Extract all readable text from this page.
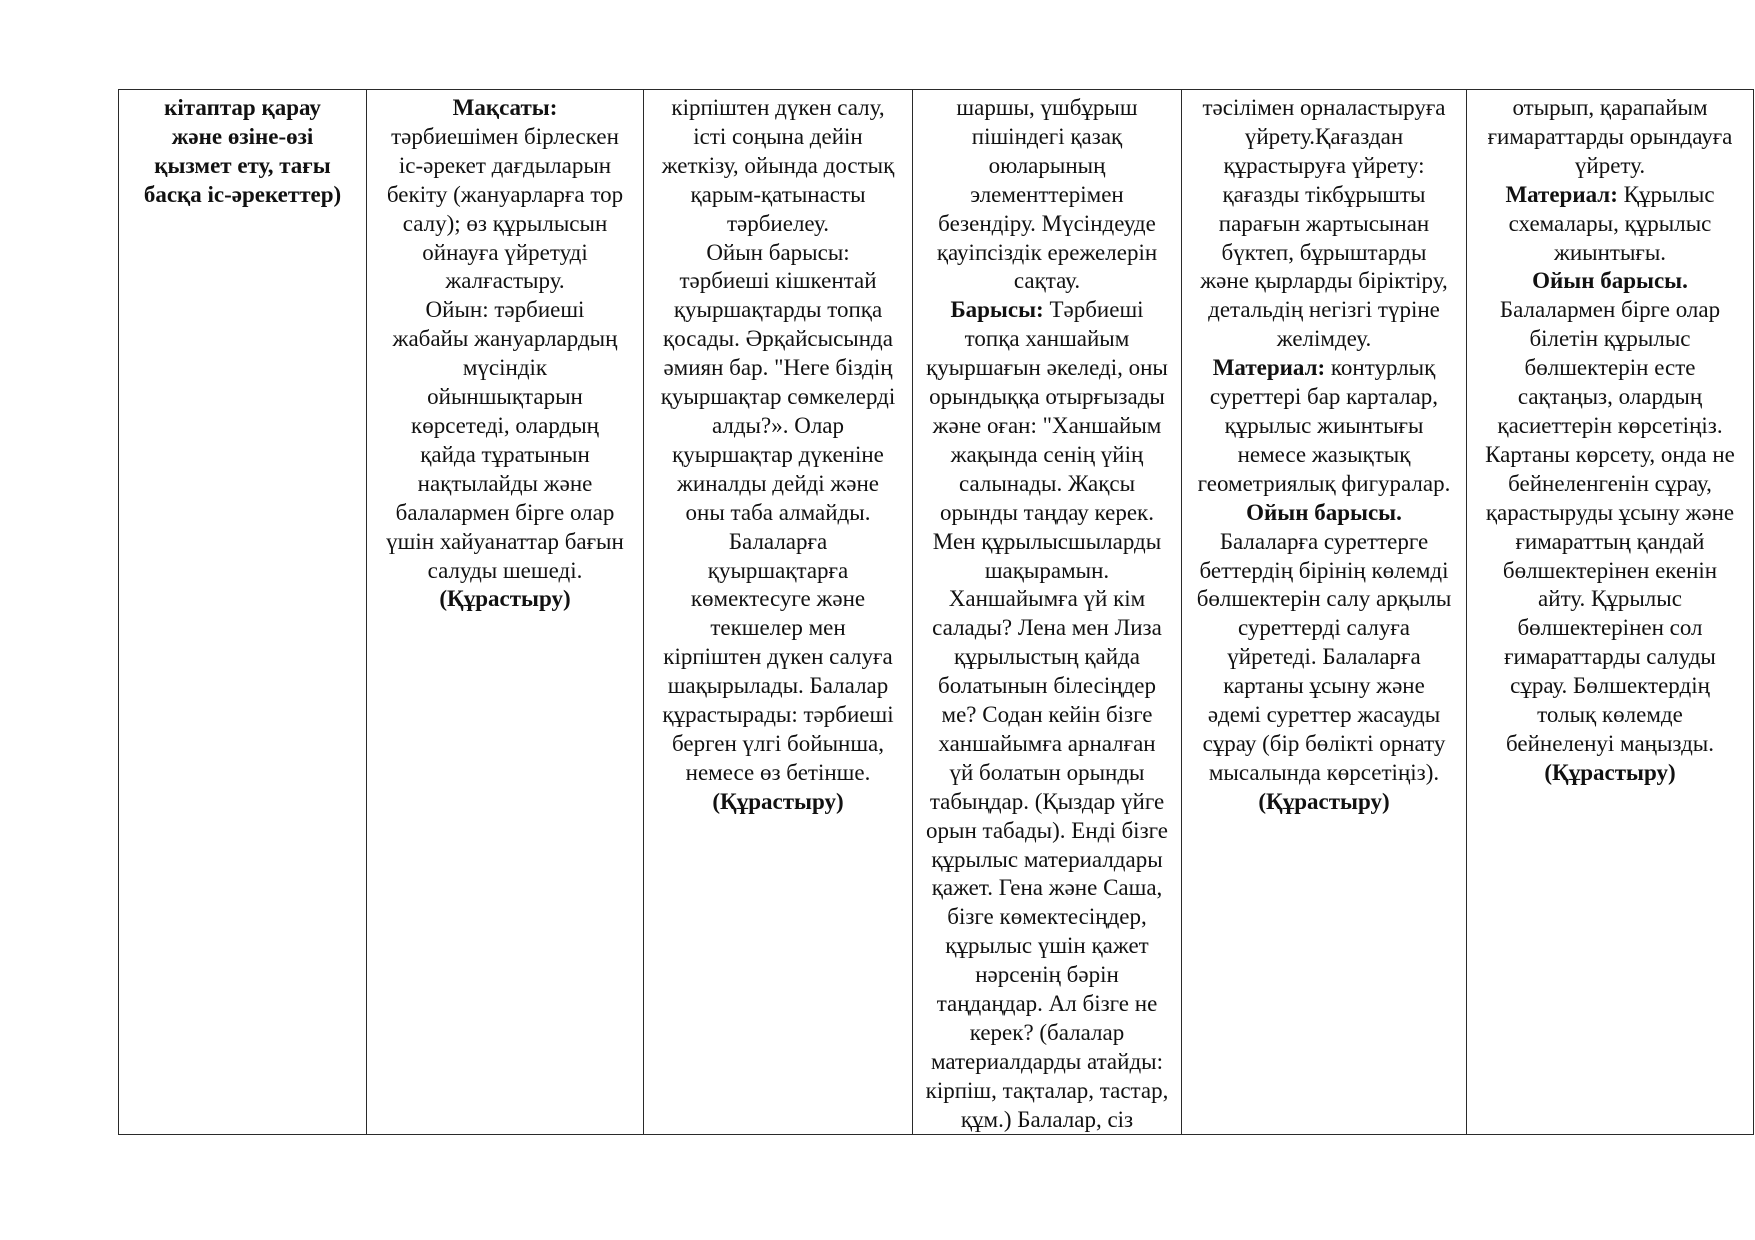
кітаптар қарау
және өзіне-өзі
қызмет ету, тағы
басқа іс-әрекеттер)

Мақсаты:
тәрбиешімен бірлескен
іс-әрекет дағдыларын
бекіту (жануарларға тор
салу); өз құрылысын
ойнауға үйретуді
жалғастыру.
Ойын: тәрбиеші
жабайы жануарлардың
мүсіндік
ойыншықтарын
көрсетеді, олардың
қайда тұратынын
нақтылайды және
балалармен бірге олар
үшін хайуанаттар бағын
салуды шешеді.
(Құрастыру)

кірпіштен дүкен салу,
істі соңына дейін
жеткізу, ойында достық
қарым-қатынасты
тәрбиелеу.
Ойын барысы:
тәрбиеші кішкентай
қуыршақтарды топқа
қосады. Әрқайсысында
әмиян бар. "Неге біздің
қуыршақтар сөмкелерді
алды?». Олар
қуыршақтар дүкеніне
жиналды дейді және
оны таба алмайды.
Балаларға
қуыршақтарға
көмектесуге және
текшелер мен
кірпіштен дүкен салуға
шақырылады. Балалар
құрастырады: тәрбиеші
берген үлгі бойынша,
немесе өз бетінше.
(Құрастыру)

шаршы, үшбұрыш
пішіндегі қазақ
оюларының
элементтерімен
безендіру. Мүсіндеуде
қауіпсіздік ережелерін
сақтау.
Барысы: Тәрбиеші
топқа ханшайым
қуыршағын әкеледі, оны
орындыққа отырғызады
және оған: "Ханшайым
жақында сенің үйің
салынады. Жақсы
орынды таңдау керек.
Мен құрылысшыларды
шақырамын.
Ханшайымға үй кім
салады? Лена мен Лиза
құрылыстың қайда
болатынын білесіңдер
ме? Содан кейін бізге
ханшайымға арналған
үй болатын орынды
табыңдар. (Қыздар үйге
орын табады). Енді бізге
құрылыс материалдары
қажет. Гена және Саша,
бізге көмектесіңдер,
құрылыс үшін қажет
нәрсенің бәрін
таңдаңдар. Ал бізге не
керек? (балалар
материалдарды атайды:
кірпіш, тақталар, тастар,
құм.) Балалар, сіз

тәсілімен орналастыруға
үйрету.Қағаздан
құрастыруға үйрету:
қағазды тікбұрышты
парағын жартысынан
бүктеп, бұрыштарды
және қырларды біріктіру,
детальдің негізгі түріне
желімдеу.
Материал: контурлық
суреттері бар карталар,
құрылыс жиынтығы
немесе жазықтық
геометриялық фигуралар.
Ойын барысы.
Балаларға суреттерге
беттердің бірінің көлемді
бөлшектерін салу арқылы
суреттерді салуға
үйретеді. Балаларға
картаны ұсыну және
әдемі суреттер жасауды
сұрау (бір бөлікті орнату
мысалында көрсетіңіз).
(Құрастыру)

отырып, қарапайым
ғимараттарды орындауға
үйрету.
Материал: Құрылыс
схемалары, құрылыс
жиынтығы.
Ойын барысы.
Балалармен бірге олар
білетін құрылыс
бөлшектерін есте
сақтаңыз, олардың
қасиеттерін көрсетіңіз.
Картаны көрсету, онда не
бейнеленгенін сұрау,
қарастыруды ұсыну және
ғимараттың қандай
бөлшектерінен екенін
айту. Құрылыс
бөлшектерінен сол
ғимараттарды салуды
сұрау. Бөлшектердің
толық көлемде
бейнеленуі маңызды.
(Құрастыру)
